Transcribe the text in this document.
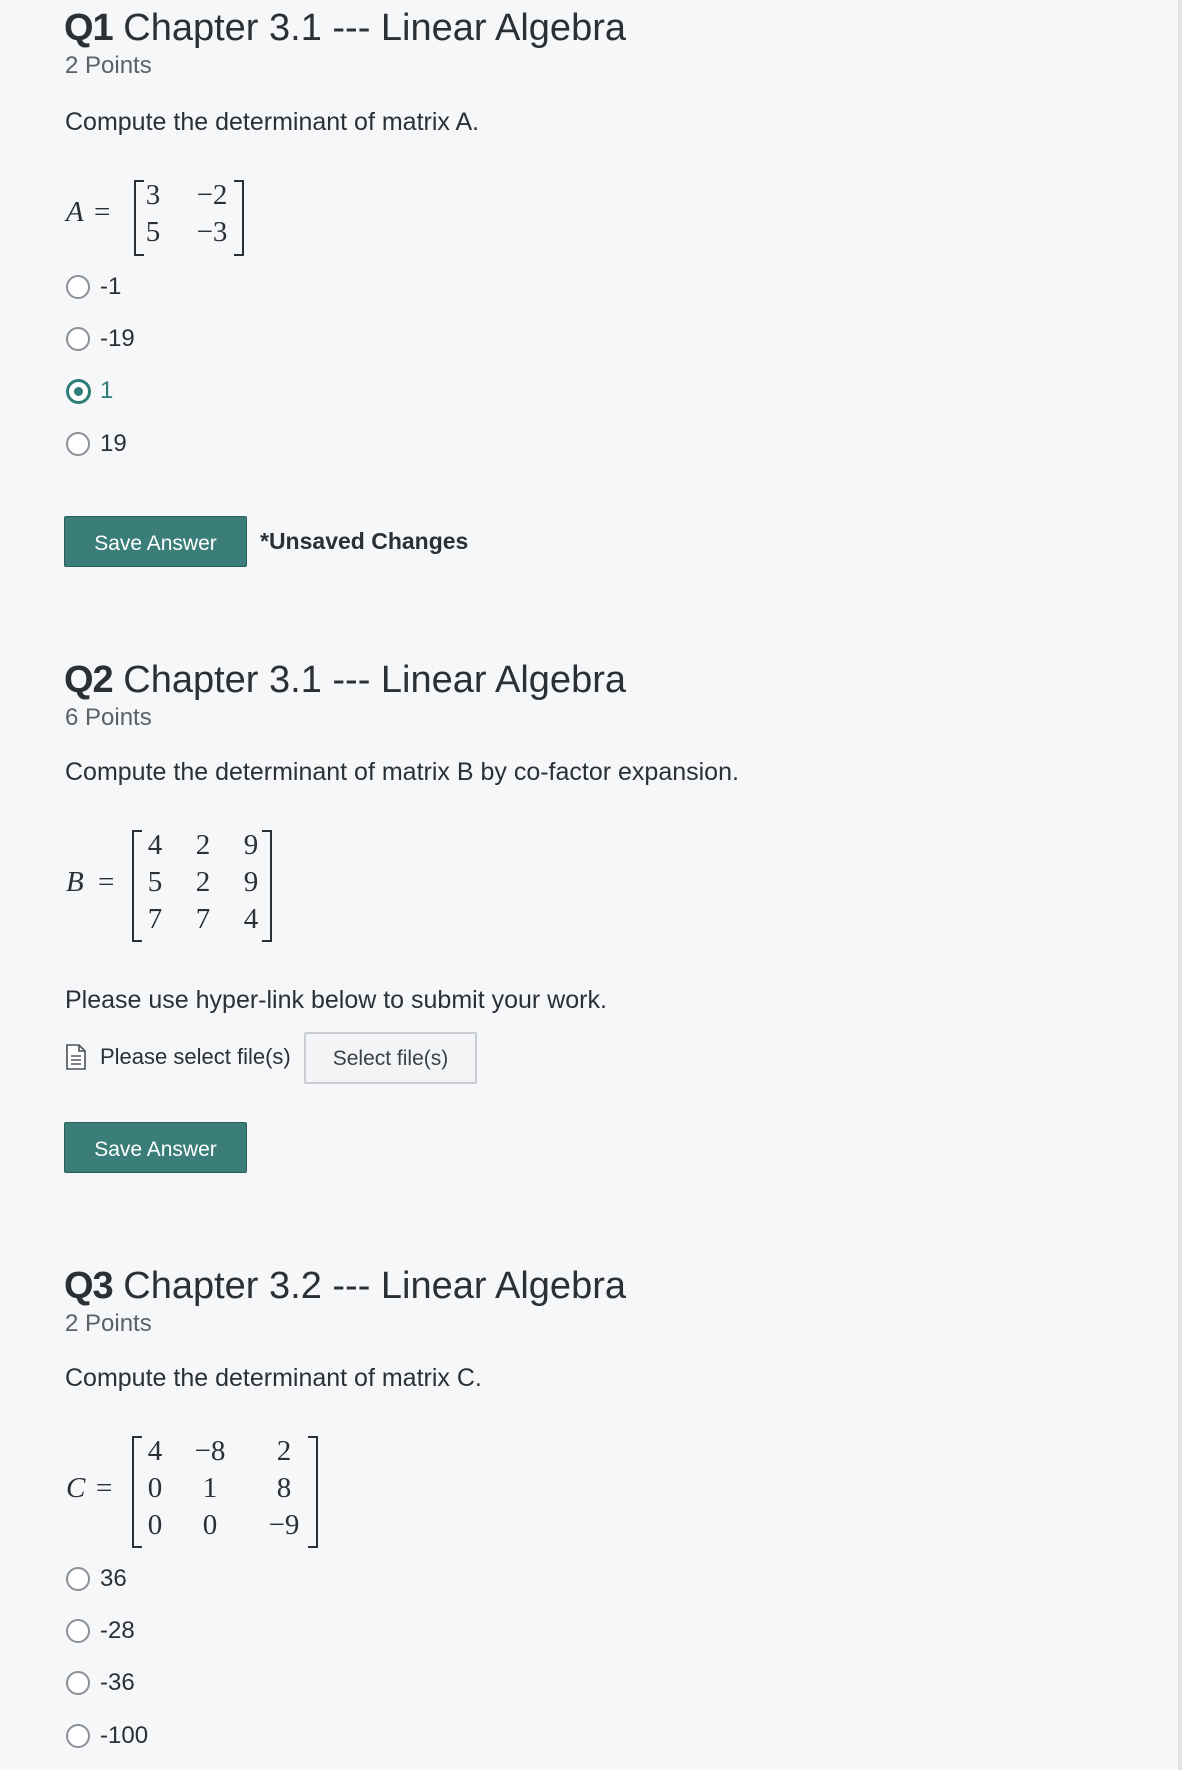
Q1 Chapter 3.1 --- Linear Algebra
2 Points
Compute the determinant of matrix A.
A =
3 −2
5 −3
-1
-19
1
19
Save Answer	*Unsaved Changes
Q2 Chapter 3.1 --- Linear Algebra
6 Points
Compute the determinant of matrix B by co-factor expansion.
B =
4 2 9
5 2 9
7 7 4
Please use hyper-link below to submit your work.
Please select file(s)	Select file(s)
Save Answer
Q3 Chapter 3.2 --- Linear Algebra
2 Points
Compute the determinant of matrix C.
C =
4 −8	2
0	1	8
0	0	−9
36
-28
-36
-100
